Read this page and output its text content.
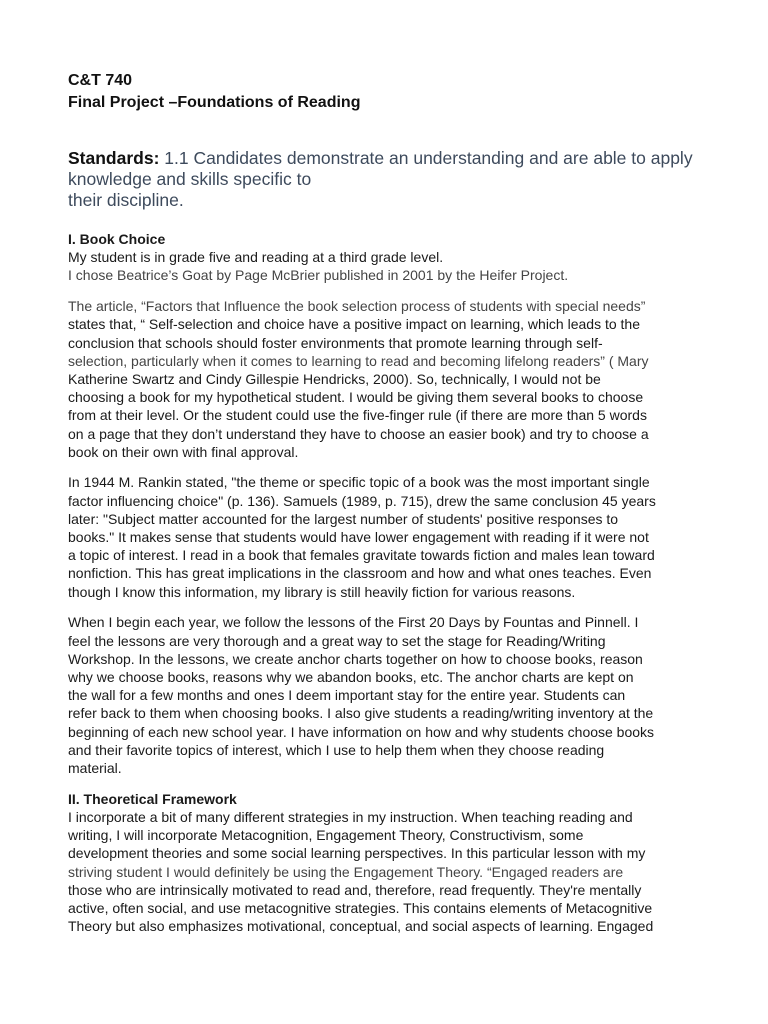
C&T 740

Final Project –Foundations of Reading

Standards: 1.1 Candidates demonstrate an understanding and are able to apply
knowledge and skills specific to
their discipline.

I. Book Choice

My student is in grade five and reading at a third grade level.
I chose Beatrice’s Goat by Page McBrier published in 2001 by the Heifer Project.

The article, “Factors that Influence the book selection process of students with special needs”
states that, “ Self-selection and choice have a positive impact on learning, which leads to the
conclusion that schools should foster environments that promote learning through self-
selection, particularly when it comes to learning to read and becoming lifelong readers” ( Mary
Katherine Swartz and Cindy Gillespie Hendricks, 2000). So, technically, I would not be
choosing a book for my hypothetical student. I would be giving them several books to choose
from at their level. Or the student could use the five-finger rule (if there are more than 5 words
on a page that they don’t understand they have to choose an easier book) and try to choose a
book on their own with final approval.

In 1944 M. Rankin stated, "the theme or specific topic of a book was the most important single
factor influencing choice" (p. 136). Samuels (1989, p. 715), drew the same conclusion 45 years
later: "Subject matter accounted for the largest number of students' positive responses to
books." It makes sense that students would have lower engagement with reading if it were not
a topic of interest. I read in a book that females gravitate towards fiction and males lean toward
nonfiction. This has great implications in the classroom and how and what ones teaches. Even
though I know this information, my library is still heavily fiction for various reasons.

When I begin each year, we follow the lessons of the First 20 Days by Fountas and Pinnell. I
feel the lessons are very thorough and a great way to set the stage for Reading/Writing
Workshop. In the lessons, we create anchor charts together on how to choose books, reason
why we choose books, reasons why we abandon books, etc. The anchor charts are kept on
the wall for a few months and ones I deem important stay for the entire year. Students can
refer back to them when choosing books. I also give students a reading/writing inventory at the
beginning of each new school year. I have information on how and why students choose books
and their favorite topics of interest, which I use to help them when they choose reading
material.

II. Theoretical Framework

I incorporate a bit of many different strategies in my instruction. When teaching reading and
writing, I will incorporate Metacognition, Engagement Theory, Constructivism, some
development theories and some social learning perspectives. In this particular lesson with my
striving student I would definitely be using the Engagement Theory. “Engaged readers are
those who are intrinsically motivated to read and, therefore, read frequently. They're mentally
active, often social, and use metacognitive strategies. This contains elements of Metacognitive
Theory but also emphasizes motivational, conceptual, and social aspects of learning. Engaged
